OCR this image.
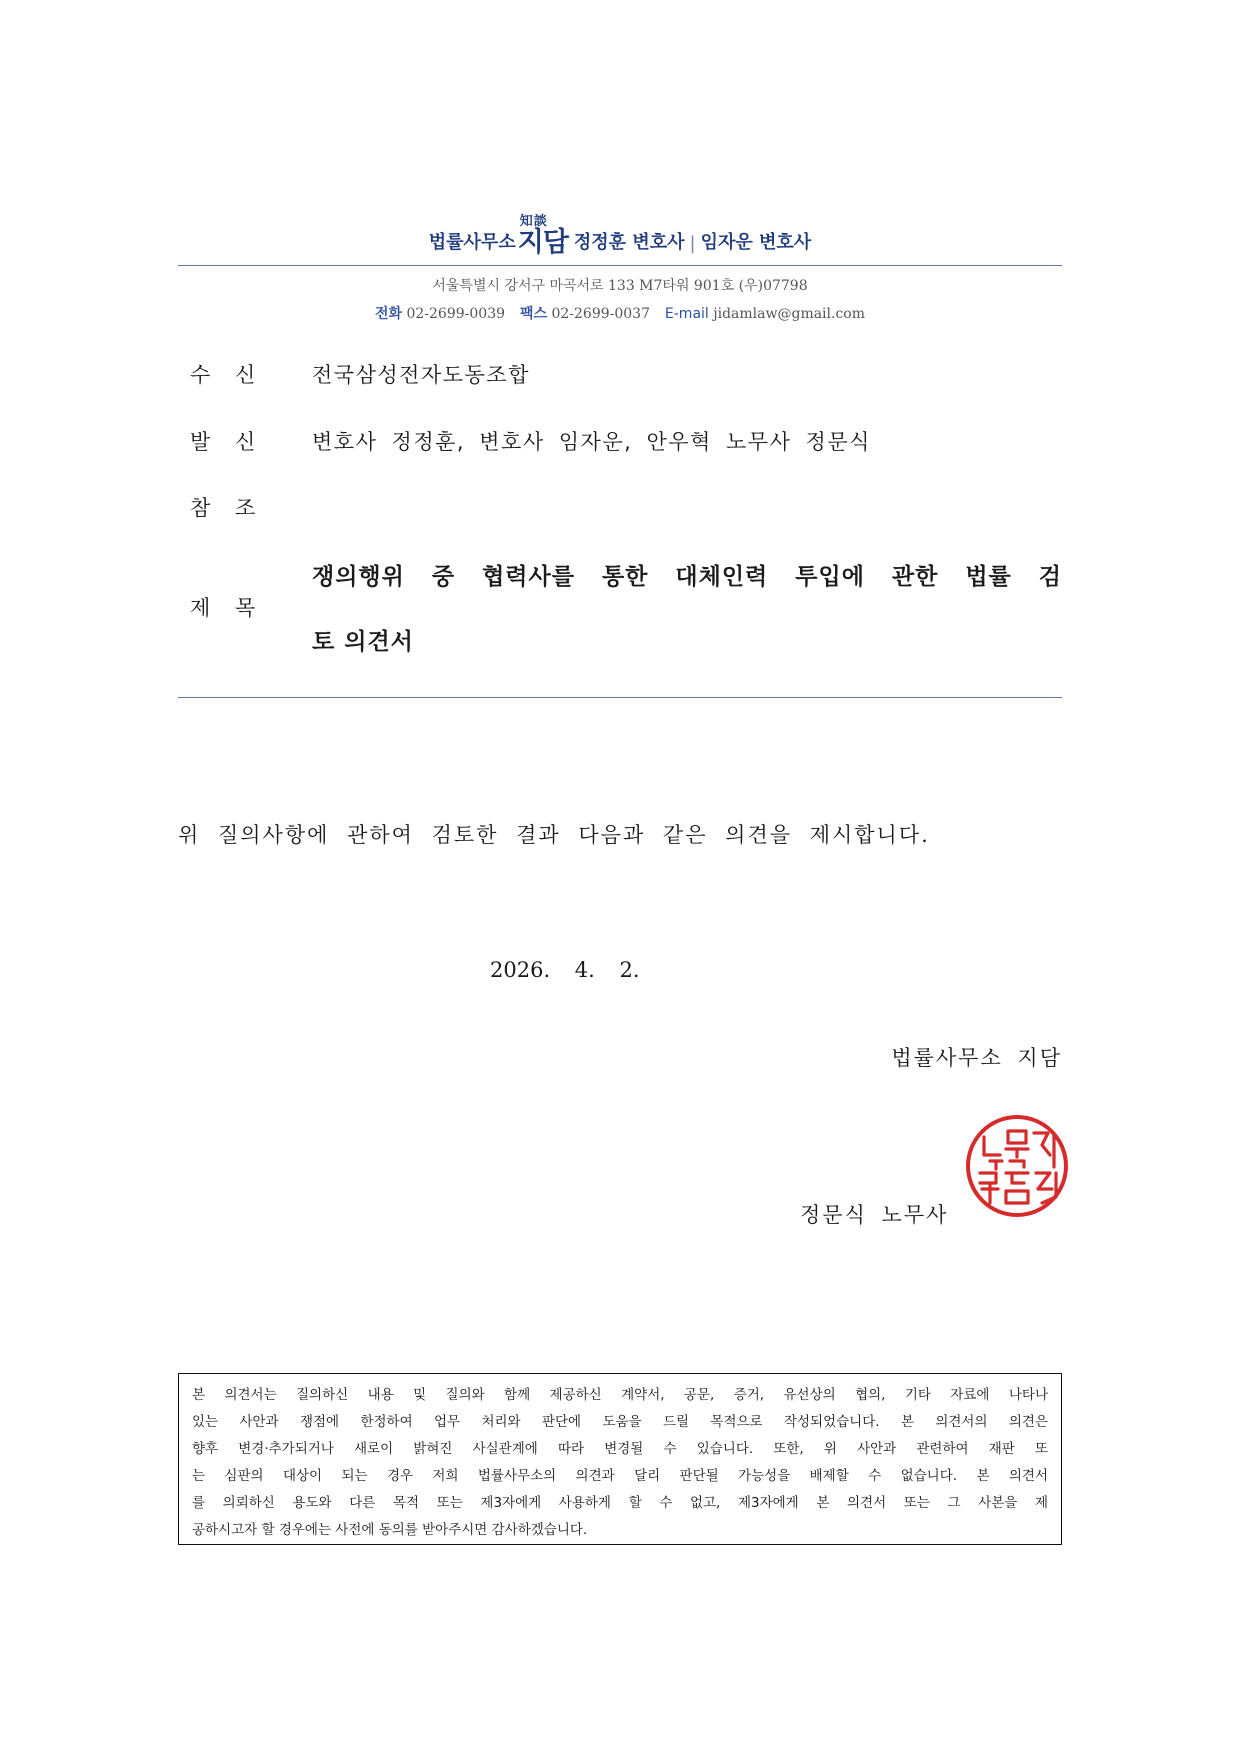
법률사무소
知談
지담 정정훈 변호사 | 임자운 변호사
서울특별시 강서구 마곡서로 133 M7타워 901호 (우)07798
전화 02-2699-0039 팩스 02-2699-0037 E-mail jidamlaw@gmail.com
수 신 전국삼성전자도동조합
발 신 변호사 정정훈, 변호사 임자운, 안우혁 노무사 정문식
참 조
제 목
쟁의행위 중 협력사를 통한 대체인력 투입에 관한 법률 검
토 의견서
위 질의사항에 관하여 검토한 결과 다음과 같은 의견을 제시합니다.
2026. 4. 2.
법률사무소 지담
정문식 노무사
본 의견서는 질의하신 내용 및 질의와 함께 제공하신 계약서, 공문, 증거, 유선상의 협의, 기타 자료에 나타나
있는 사안과 쟁점에 한정하여 업무 처리와 판단에 도움을 드릴 목적으로 작성되었습니다. 본 의견서의 의견은
향후 변경·추가되거나 새로이 밝혀진 사실관계에 따라 변경될 수 있습니다. 또한, 위 사안과 관련하여 재판 또
는 심판의 대상이 되는 경우 저희 법률사무소의 의견과 달리 판단될 가능성을 배제할 수 없습니다. 본 의견서
를 의뢰하신 용도와 다른 목적 또는 제3자에게 사용하게 할 수 없고, 제3자에게 본 의견서 또는 그 사본을 제
공하시고자 할 경우에는 사전에 동의를 받아주시면 감사하겠습니다.
